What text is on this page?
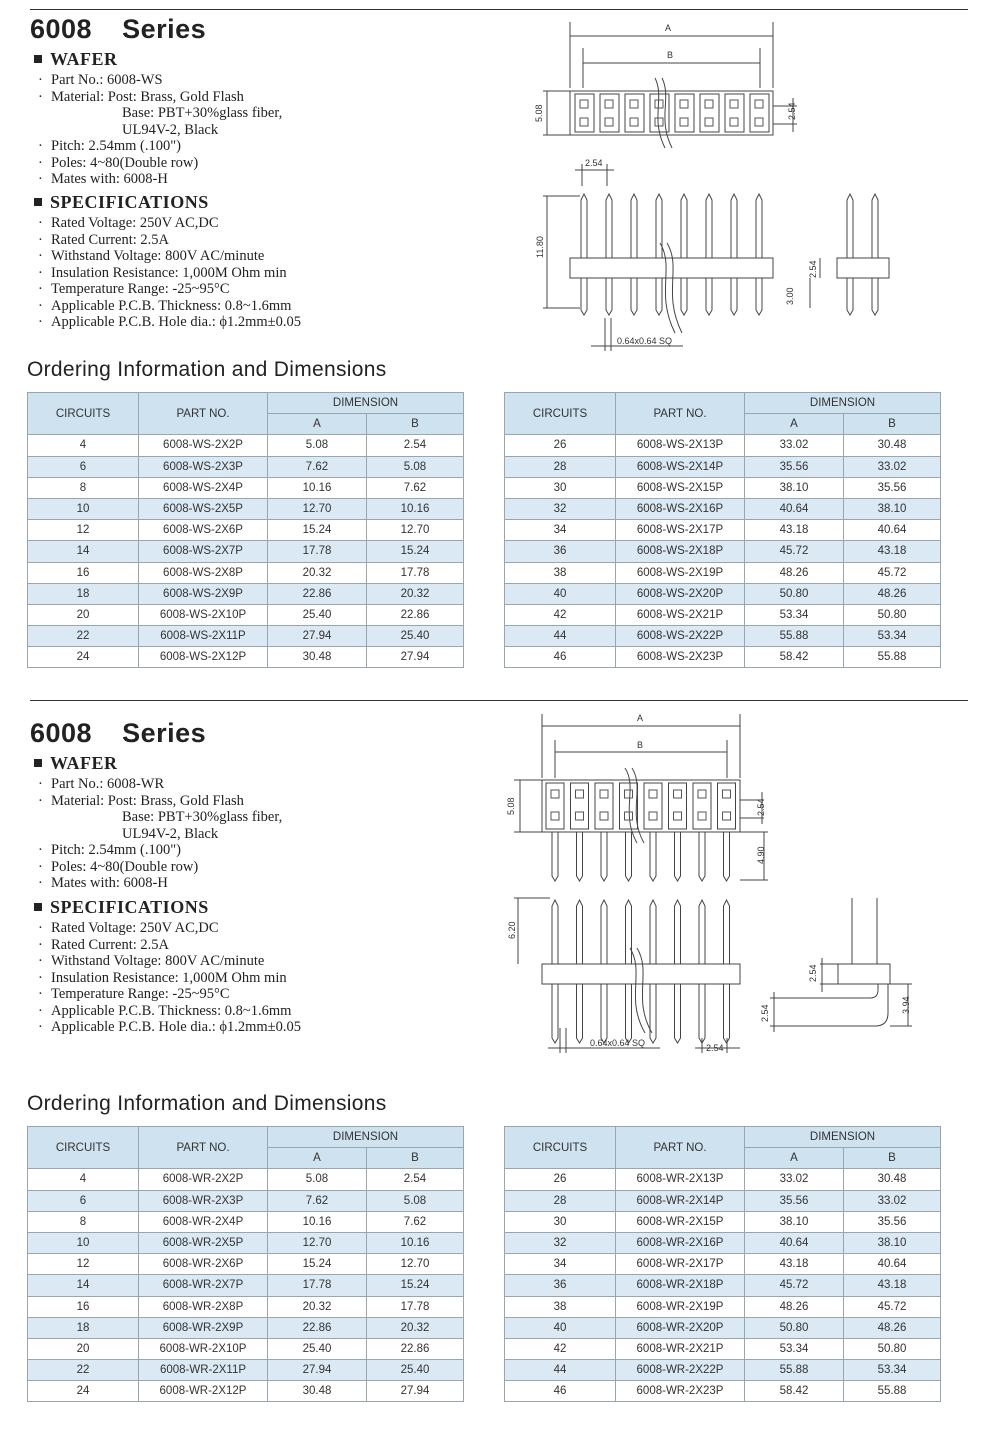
6008 Series
WAFER
· Part No.: 6008-WS
· Material: Post: Brass, Gold Flash
Base: PBT+30%glass fiber,
UL94V-2, Black
· Pitch: 2.54mm (.100")
· Poles: 4~80(Double row)
· Mates with: 6008-H
SPECIFICATIONS
· Rated Voltage: 250V AC,DC
· Rated Current: 2.5A
· Withstand Voltage: 800V AC/minute
· Insulation Resistance: 1,000M Ohm min
· Temperature Range: -25~95°C
· Applicable P.C.B. Thickness: 0.8~1.6mm
· Applicable P.C.B. Hole dia.: ϕ1.2mm±0.05
A
B
5.08	2.54
2.54
11.80
2.54
3.00
0.64x0.64 SQ
Ordering Information and Dimensions
CIRCUITS	PART NO.	DIMENSION	
		A	B
4	6008-WS-2X2P	5.08	2.54
6	6008-WS-2X3P	7.62	5.08
8	6008-WS-2X4P	10.16	7.62
10	6008-WS-2X5P	12.70	10.16
12	6008-WS-2X6P	15.24	12.70
14	6008-WS-2X7P	17.78	15.24
16	6008-WS-2X8P	20.32	17.78
18	6008-WS-2X9P	22.86	20.32
20	6008-WS-2X10P	25.40	22.86
22	6008-WS-2X11P	27.94	25.40
24	6008-WS-2X12P	30.48	27.94
CIRCUITS	PART NO.	DIMENSION	
		A	B
26	6008-WS-2X13P	33.02	30.48
28	6008-WS-2X14P	35.56	33.02
30	6008-WS-2X15P	38.10	35.56
32	6008-WS-2X16P	40.64	38.10
34	6008-WS-2X17P	43.18	40.64
36	6008-WS-2X18P	45.72	43.18
38	6008-WS-2X19P	48.26	45.72
40	6008-WS-2X20P	50.80	48.26
42	6008-WS-2X21P	53.34	50.80
44	6008-WS-2X22P	55.88	53.34
46	6008-WS-2X23P	58.42	55.88
6008 Series
WAFER
· Part No.: 6008-WR
· Material: Post: Brass, Gold Flash
Base: PBT+30%glass fiber,
UL94V-2, Black
· Pitch: 2.54mm (.100")
· Poles: 4~80(Double row)
· Mates with: 6008-H
SPECIFICATIONS
· Rated Voltage: 250V AC,DC
· Rated Current: 2.5A
· Withstand Voltage: 800V AC/minute
· Insulation Resistance: 1,000M Ohm min
· Temperature Range: -25~95°C
· Applicable P.C.B. Thickness: 0.8~1.6mm
· Applicable P.C.B. Hole dia.: ϕ1.2mm±0.05
A
B
5.08	2.54
4.90
6.20
2.54
3.94
2.54
0.64x0.64 SQ	2.54
Ordering Information and Dimensions
CIRCUITS	PART NO.	DIMENSION	
		A	B
4	6008-WR-2X2P	5.08	2.54
6	6008-WR-2X3P	7.62	5.08
8	6008-WR-2X4P	10.16	7.62
10	6008-WR-2X5P	12.70	10.16
12	6008-WR-2X6P	15.24	12.70
14	6008-WR-2X7P	17.78	15.24
16	6008-WR-2X8P	20.32	17.78
18	6008-WR-2X9P	22.86	20.32
20	6008-WR-2X10P	25.40	22.86
22	6008-WR-2X11P	27.94	25.40
24	6008-WR-2X12P	30.48	27.94
CIRCUITS	PART NO.	DIMENSION	
		A	B
26	6008-WR-2X13P	33.02	30.48
28	6008-WR-2X14P	35.56	33.02
30	6008-WR-2X15P	38.10	35.56
32	6008-WR-2X16P	40.64	38.10
34	6008-WR-2X17P	43.18	40.64
36	6008-WR-2X18P	45.72	43.18
38	6008-WR-2X19P	48.26	45.72
40	6008-WR-2X20P	50.80	48.26
42	6008-WR-2X21P	53.34	50.80
44	6008-WR-2X22P	55.88	53.34
46	6008-WR-2X23P	58.42	55.88
